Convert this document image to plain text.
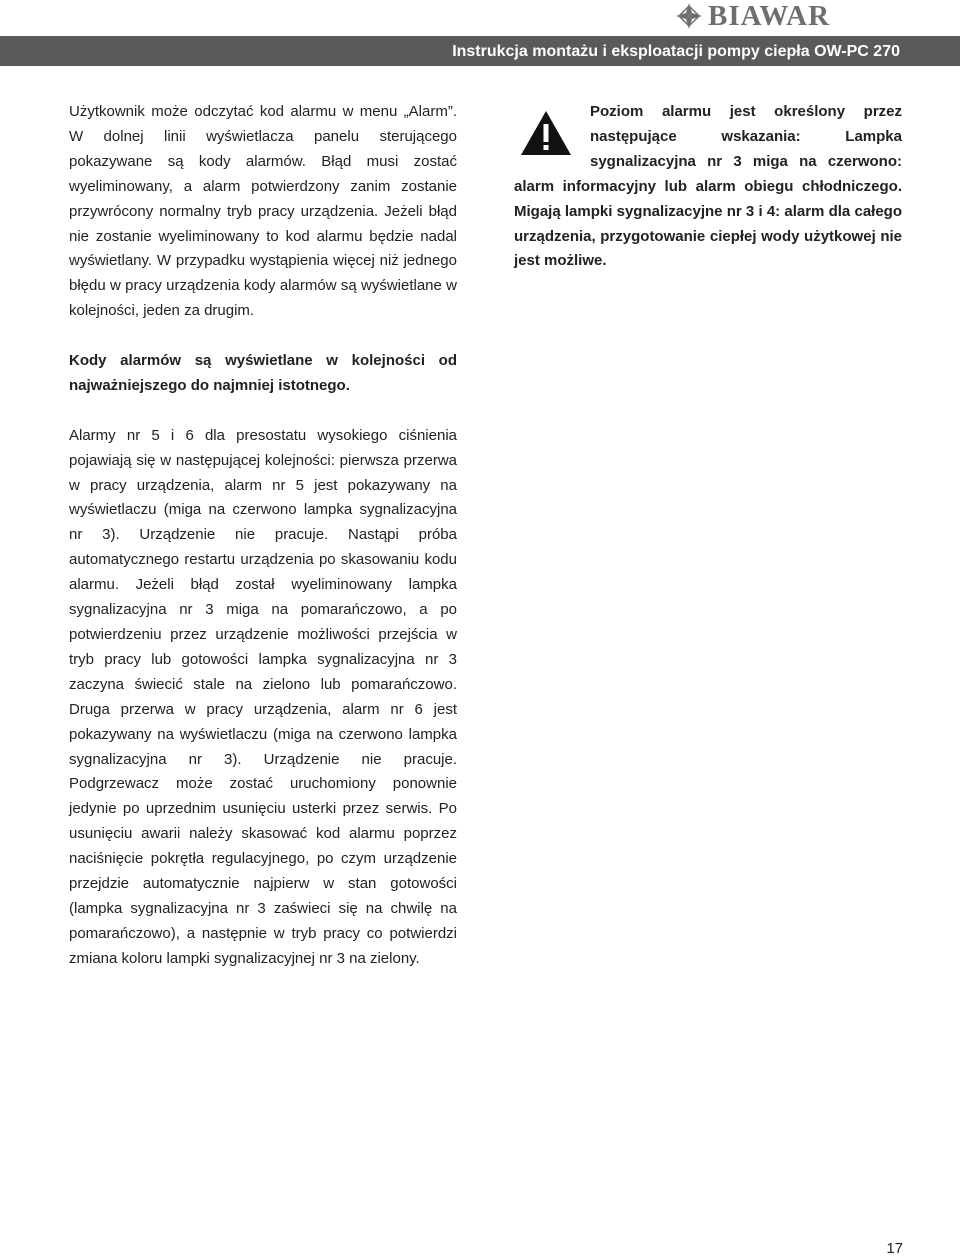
BIAWAR
Instrukcja montażu i eksploatacji pompy ciepła OW-PC 270

Użytkownik może odczytać kod alarmu w menu „Alarm”. W dolnej linii wyświetlacza panelu sterującego pokazywane są kody alarmów. Błąd musi zostać wyeliminowany, a alarm potwierdzony zanim zostanie przywrócony normalny tryb pracy urządzenia. Jeżeli błąd nie zostanie wyeliminowany to kod alarmu będzie nadal wyświetlany. W przypadku wystąpienia więcej niż jednego błędu w pracy urządzenia kody alarmów są wyświetlane w kolejności, jeden za drugim.

Kody alarmów są wyświetlane w kolejności od najważniejszego do najmniej istotnego.

Alarmy nr 5 i 6 dla presostatu wysokiego ciśnienia pojawiają się w następującej kolejności: pierwsza przerwa w pracy urządzenia, alarm nr 5 jest pokazywany na wyświetlaczu (miga na czerwono lampka sygnalizacyjna nr 3). Urządzenie nie pracuje. Nastąpi próba automatycznego restartu urządzenia po skasowaniu kodu alarmu. Jeżeli błąd został wyeliminowany lampka sygnalizacyjna nr 3 miga na pomarańczowo, a po potwierdzeniu przez urządzenie możliwości przejścia w tryb pracy lub gotowości lampka sygnalizacyjna nr 3 zaczyna świecić stale na zielono lub pomarańczowo. Druga przerwa w pracy urządzenia, alarm nr 6 jest pokazywany na wyświetlaczu (miga na czerwono lampka sygnalizacyjna nr 3). Urządzenie nie pracuje. Podgrzewacz może zostać uruchomiony ponownie jedynie po uprzednim usunięciu usterki przez serwis. Po usunięciu awarii należy skasować kod alarmu poprzez naciśnięcie pokrętła regulacyjnego, po czym urządzenie przejdzie automatycznie najpierw w stan gotowości (lampka sygnalizacyjna nr 3 zaświeci się na chwilę na pomarańczowo), a następnie w tryb pracy co potwierdzi zmiana koloru lampki sygnalizacyjnej nr 3 na zielony.

Poziom alarmu jest określony przez następujące wskazania: Lampka sygnalizacyjna nr 3 miga na czerwono: alarm informacyjny lub alarm obiegu chłodniczego. Migają lampki sygnalizacyjne nr 3 i 4: alarm dla całego urządzenia, przygotowanie ciepłej wody użytkowej nie jest możliwe.
17
